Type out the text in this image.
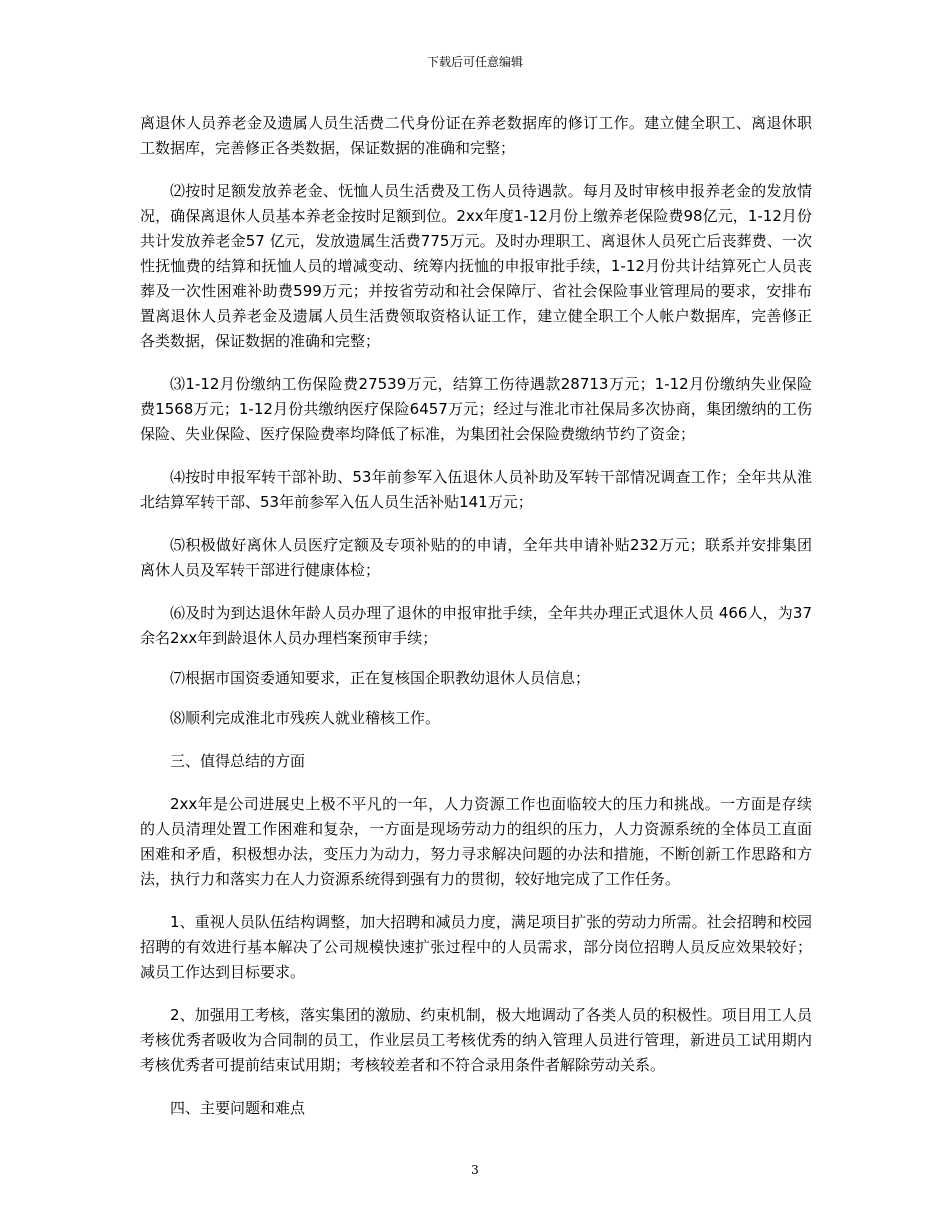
下载后可任意编辑

离退休人员养老金及遗属人员生活费二代身份证在养老数据库的修订工作。建立健全职工、离退休职工数据库，完善修正各类数据，保证数据的准确和完整；

⑵按时足额发放养老金、怃恤人员生活费及工伤人员待遇款。每月及时审核申报养老金的发放情况，确保离退休人员基本养老金按时足额到位。2xx年度1-12月份上缴养老保险费98亿元，1-12月份共计发放养老金57 亿元，发放遗属生活费775万元。及时办理职工、离退休人员死亡后丧葬费、一次性抚恤费的结算和抚恤人员的增减变动、统筹内抚恤的申报审批手续，1-12月份共计结算死亡人员丧葬及一次性困难补助费599万元；并按省劳动和社会保障厅、省社会保险事业管理局的要求，安排布置离退休人员养老金及遗属人员生活费领取资格认证工作，建立健全职工个人帐户数据库，完善修正各类数据，保证数据的准确和完整；

⑶1-12月份缴纳工伤保险费27539万元，结算工伤待遇款28713万元；1-12月份缴纳失业保险费1568万元；1-12月份共缴纳医疗保险6457万元；经过与淮北市社保局多次协商，集团缴纳的工伤保险、失业保险、医疗保险费率均降低了标准，为集团社会保险费缴纳节约了资金；

⑷按时申报军转干部补助、53年前参军入伍退休人员补助及军转干部情况调查工作；全年共从淮北结算军转干部、53年前参军入伍人员生活补贴141万元；

⑸积极做好离休人员医疗定额及专项补贴的的申请，全年共申请补贴232万元；联系并安排集团离休人员及军转干部进行健康体检；

⑹及时为到达退休年龄人员办理了退休的申报审批手续，全年共办理正式退休人员 466人，为37余名2xx年到龄退休人员办理档案预审手续；

⑺根据市国资委通知要求，正在复核国企职教幼退休人员信息；

⑻顺利完成淮北市残疾人就业稽核工作。

三、值得总结的方面

2xx年是公司进展史上极不平凡的一年，人力资源工作也面临较大的压力和挑战。一方面是存续的人员清理处置工作困难和复杂，一方面是现场劳动力的组织的压力，人力资源系统的全体员工直面困难和矛盾，积极想办法，变压力为动力，努力寻求解决问题的办法和措施，不断创新工作思路和方法，执行力和落实力在人力资源系统得到强有力的贯彻，较好地完成了工作任务。

1、重视人员队伍结构调整，加大招聘和减员力度，满足项目扩张的劳动力所需。社会招聘和校园招聘的有效进行基本解决了公司规模快速扩张过程中的人员需求，部分岗位招聘人员反应效果较好；减员工作达到目标要求。

2、加强用工考核，落实集团的激励、约束机制，极大地调动了各类人员的积极性。项目用工人员考核优秀者吸收为合同制的员工，作业层员工考核优秀的纳入管理人员进行管理，新进员工试用期内考核优秀者可提前结束试用期；考核较差者和不符合录用条件者解除劳动关系。

四、主要问题和难点

3
